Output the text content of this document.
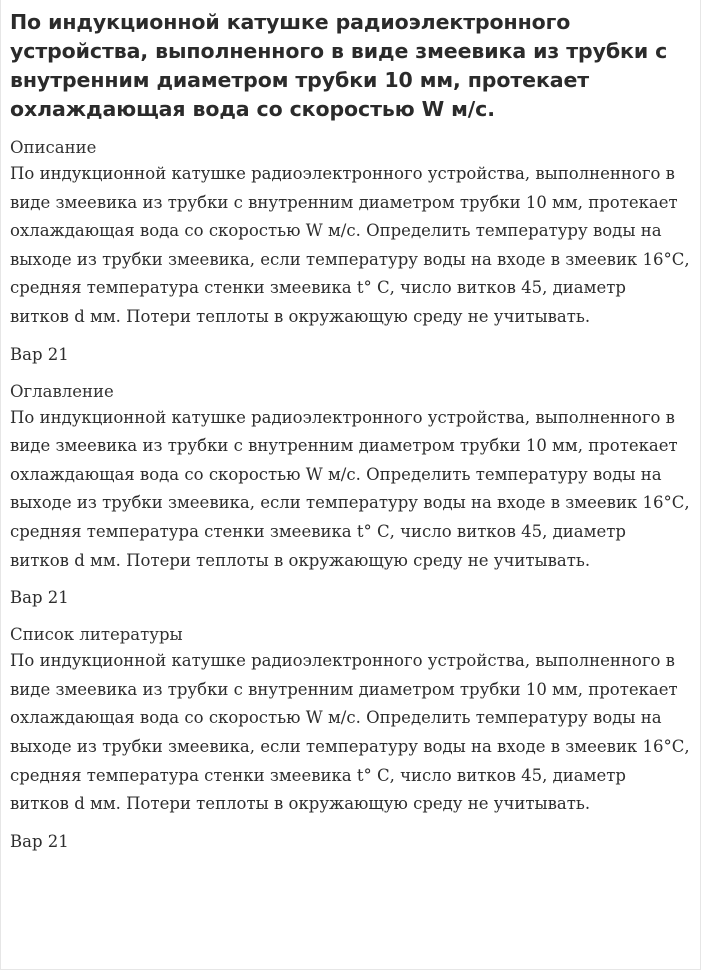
По индукционной катушке радиоэлектронного устройства, выполненного в виде змеевика из трубки с внутренним диаметром трубки 10 мм, протекает охлаждающая вода со скоростью W м/с.
Описание

По индукционной катушке радиоэлектронного устройства, выполненного в виде змеевика из трубки с внутренним диаметром трубки 10 мм, протекает охлаждающая вода со скоростью W м/с. Определить температуру воды на выходе из трубки змеевика, если температуру воды на входе в змеевик 16°С, средняя температура стенки змеевика t° С, число витков 45, диаметр витков d мм. Потери теплоты в окружающую среду не учитывать.

Вар 21

Оглавление

По индукционной катушке радиоэлектронного устройства, выполненного в виде змеевика из трубки с внутренним диаметром трубки 10 мм, протекает охлаждающая вода со скоростью W м/с. Определить температуру воды на выходе из трубки змеевика, если температуру воды на входе в змеевик 16°С, средняя температура стенки змеевика t° С, число витков 45, диаметр витков d мм. Потери теплоты в окружающую среду не учитывать.

Вар 21

Список литературы

По индукционной катушке радиоэлектронного устройства, выполненного в виде змеевика из трубки с внутренним диаметром трубки 10 мм, протекает охлаждающая вода со скоростью W м/с. Определить температуру воды на выходе из трубки змеевика, если температуру воды на входе в змеевик 16°С, средняя температура стенки змеевика t° С, число витков 45, диаметр витков d мм. Потери теплоты в окружающую среду не учитывать.

Вар 21
